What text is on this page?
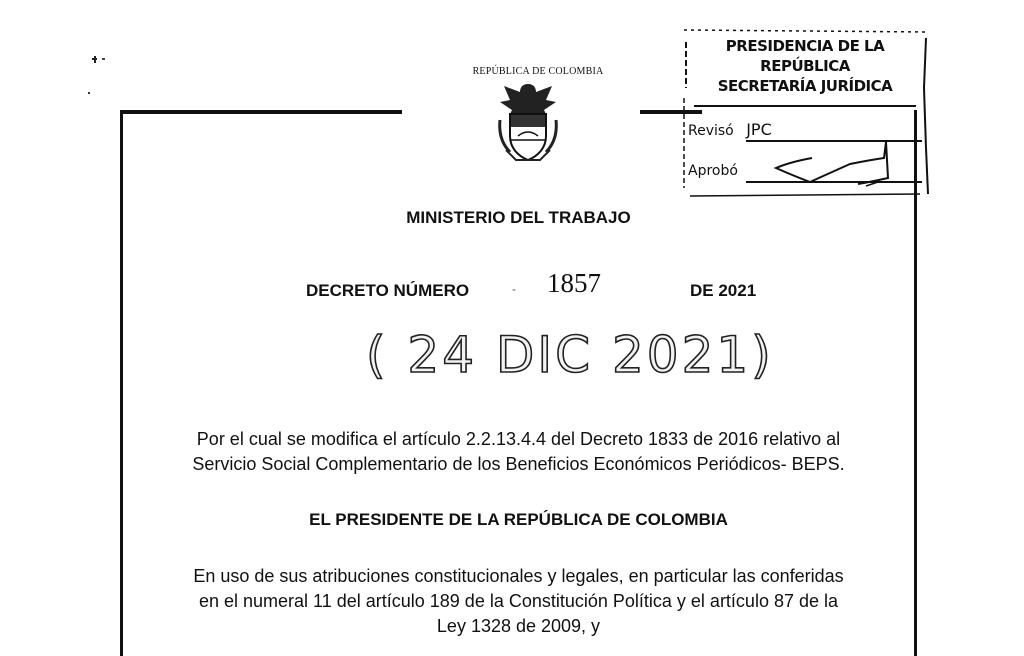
REPÚBLICA DE COLOMBIA
PRESIDENCIA DE LA REPÚBLICA
SECRETARÍA JURÍDICA
Revisó JPC
Aprobó
MINISTERIO DEL TRABAJO
DECRETO NÚMERO	- 1857	DE 2021
( 24 DIC 2021)
Por el cual se modifica el artículo 2.2.13.4.4 del Decreto 1833 de 2016 relativo al
Servicio Social Complementario de los Beneficios Económicos Periódicos- BEPS.
EL PRESIDENTE DE LA REPÚBLICA DE COLOMBIA
En uso de sus atribuciones constitucionales y legales, en particular las conferidas
en el numeral 11 del artículo 189 de la Constitución Política y el artículo 87 de la
Ley 1328 de 2009, y
